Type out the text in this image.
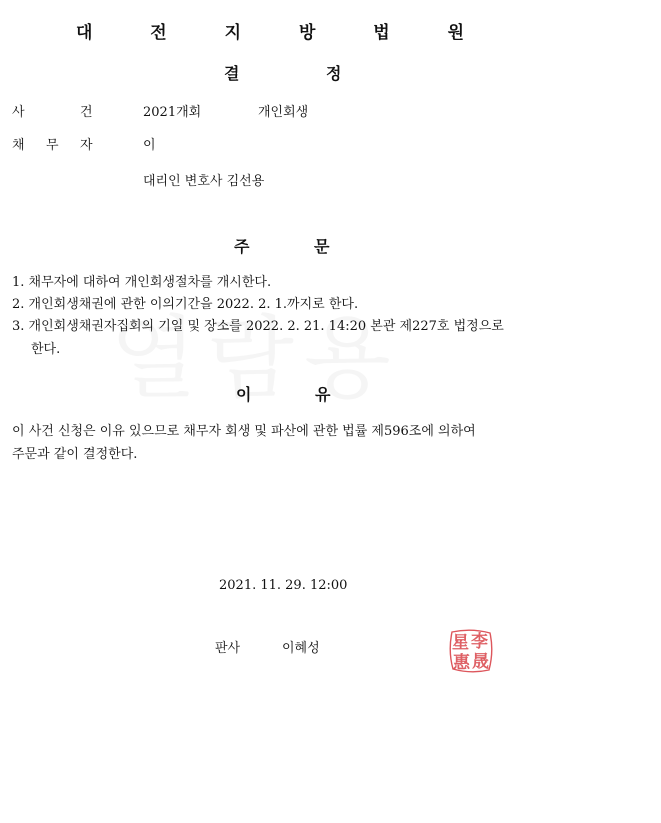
대 전 지 방 법 원
결	정
사	건	2021개회	개인회생
채 무 자	이
대리인 변호사 김선용
주	문
1. 채무자에 대하여 개인회생절차를 개시한다.
2. 개인회생채권에 관한 이의기간을 2022. 2. 1.까지로 한다.
3. 개인회생채권자집회의 기일 및 장소를 2022. 2. 21. 14:20 본관 제227호 법정으로
한다.
이	유
이 사건 신청은 이유 있으므로 채무자 회생 및 파산에 관한 법률 제596조에 의하여
주문과 같이 결정한다.
2021. 11. 29. 12:00
판사	이혜성	星 李
惠 晟
